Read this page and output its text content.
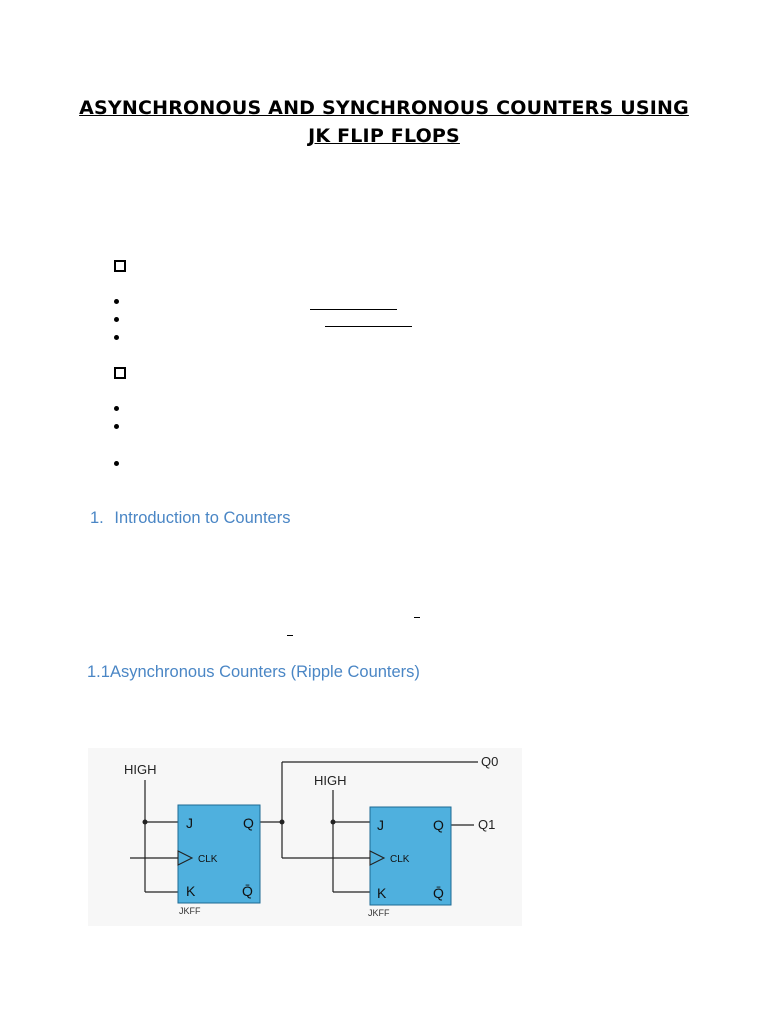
ASYNCHRONOUS AND SYNCHRONOUS COUNTERS USING
JK FLIP FLOPS
1. Introduction to Counters
1.1Asynchronous Counters (Ripple Counters)
J	Q
CLK
K	Q̄
JKFF
J	Q
CLK
K	Q̄
JKFF
HIGH
HIGH
Q0
Q1
